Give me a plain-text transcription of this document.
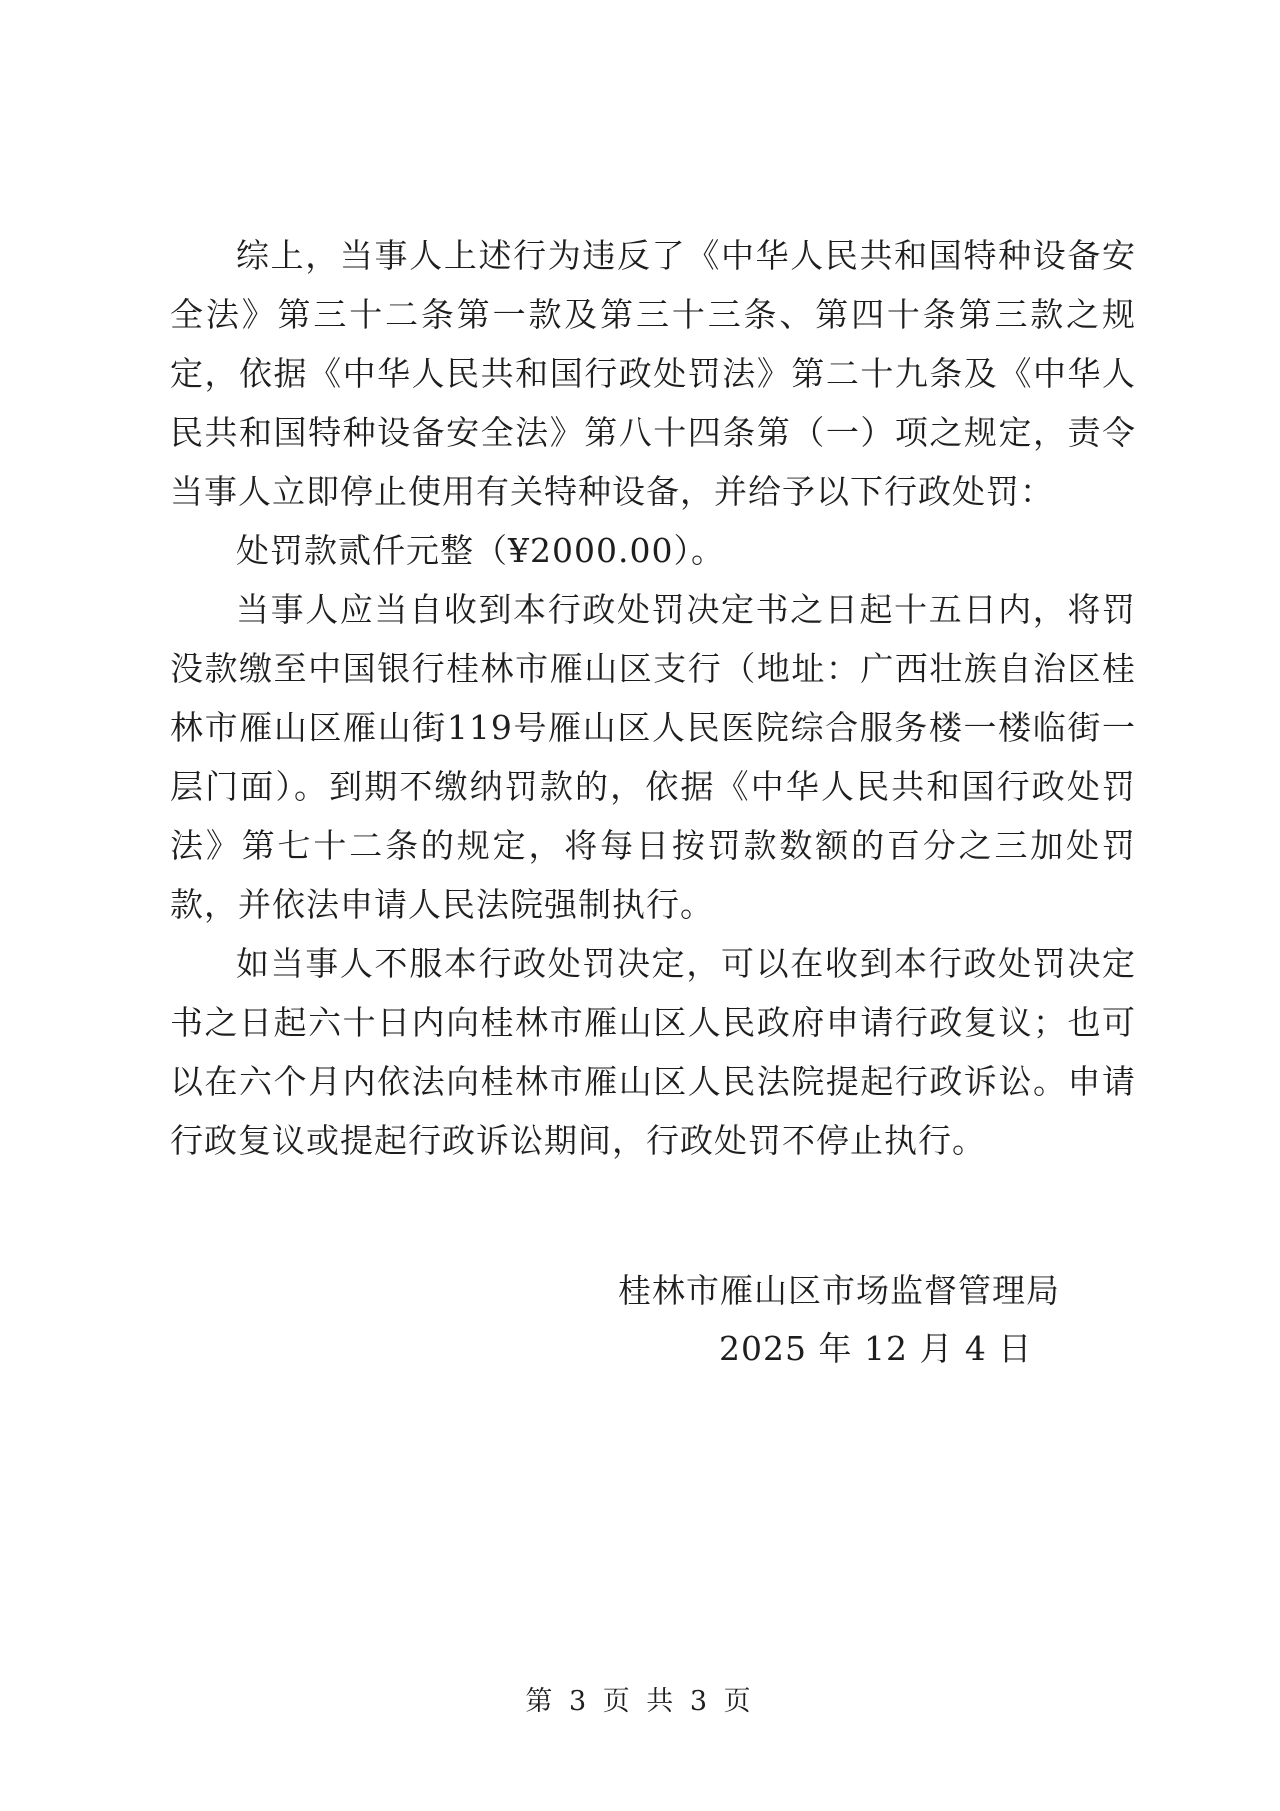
综上，当事人上述行为违反了《中华人民共和国特种设备安全法》第三十二条第一款及第三十三条、第四十条第三款之规定，依据《中华人民共和国行政处罚法》第二十九条及《中华人民共和国特种设备安全法》第八十四条第（一）项之规定，责令当事人立即停止使用有关特种设备，并给予以下行政处罚：

处罚款贰仟元整（¥2000.00）。

当事人应当自收到本行政处罚决定书之日起十五日内，将罚没款缴至中国银行桂林市雁山区支行（地址：广西壮族自治区桂林市雁山区雁山街119号雁山区人民医院综合服务楼一楼临街一层门面）。到期不缴纳罚款的，依据《中华人民共和国行政处罚法》第七十二条的规定，将每日按罚款数额的百分之三加处罚款，并依法申请人民法院强制执行。

如当事人不服本行政处罚决定，可以在收到本行政处罚决定书之日起六十日内向桂林市雁山区人民政府申请行政复议；也可以在六个月内依法向桂林市雁山区人民法院提起行政诉讼。申请行政复议或提起行政诉讼期间，行政处罚不停止执行。

桂林市雁山区市场监督管理局
2025 年 12 月 4 日
第 3 页 共 3 页
